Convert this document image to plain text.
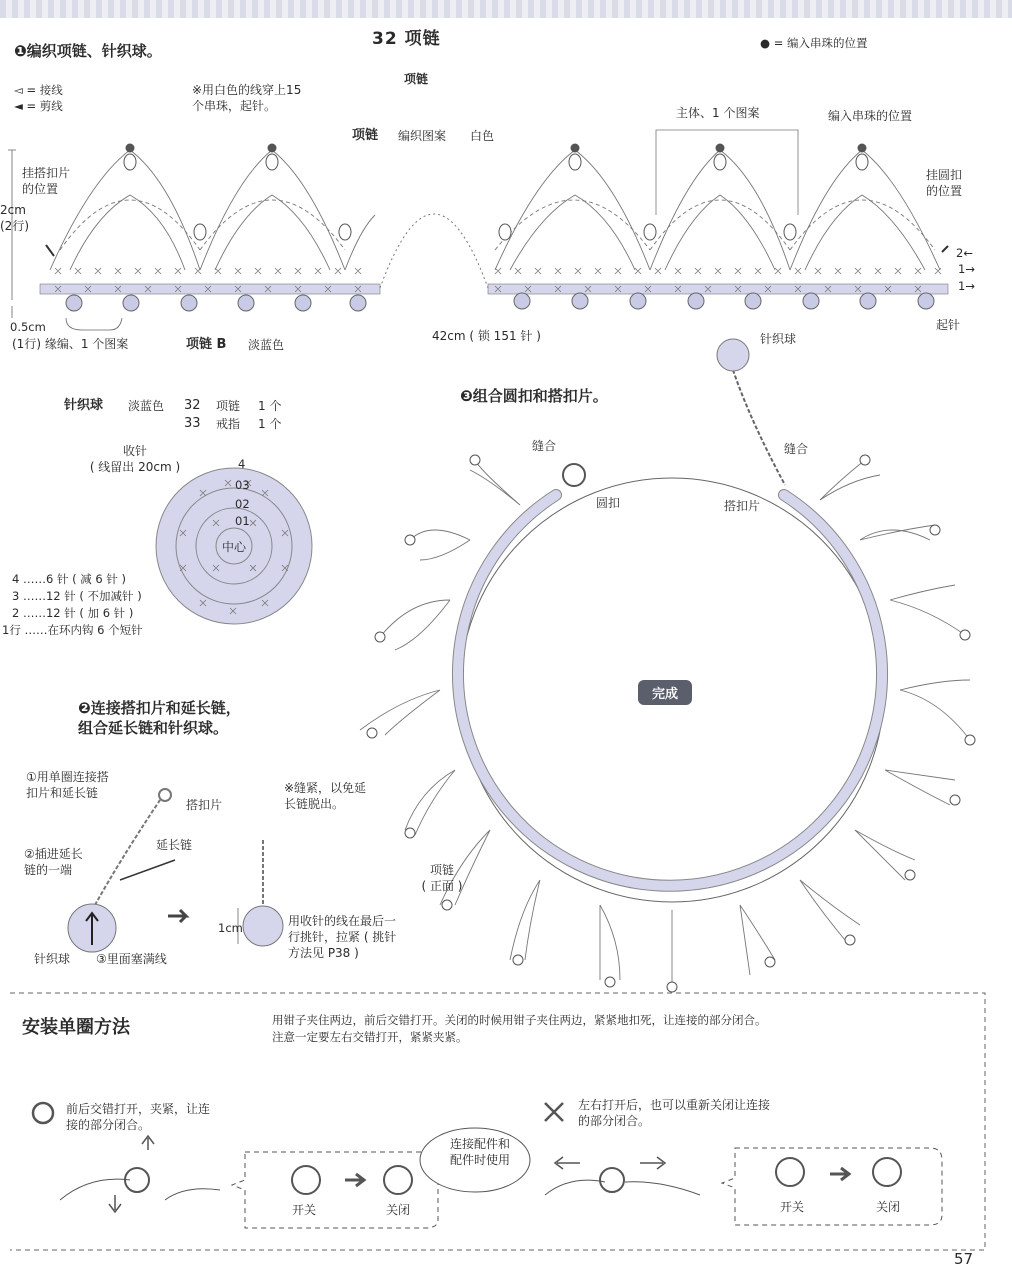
32 项链	● = 编入串珠的位置
❶编织项链、针织球。
◅ = 接线
◄ = 剪线
※用白色的线穿上15
个串珠，起针。
项链
项链 编织图案 白色
主体、1 个图案	编入串珠的位置
挂搭扣片
的位置
挂圆扣
的位置
2cm
(2行)
2←
1→
1→
0.5cm
(1行) 缘编、1 个图案	项链 B 淡蓝色
42cm ( 锁 151 针 )
起针
针织球 淡蓝色 32 项链 1 个
33 戒指 1 个
收针
( 线留出 20cm )
中心
4
03
02
01
4 ……6 针 ( 减 6 针 )
3 ……12 针 ( 不加减针 )
2 ……12 针 ( 加 6 针 )
1行 ……在环内钩 6 个短针
❸组合圆扣和搭扣片。
针织球
缝合	缝合
圆扣	搭扣片
完成
项链
( 正面 )
❷连接搭扣片和延长链，
组合延长链和针织球。
①用单圈连接搭
扣片和延长链
搭扣片
延长链
②插进延长
链的一端
针织球 ③里面塞满线
※缝紧，以免延
长链脱出。
1cm	用收针的线在最后一
行挑针，拉紧 ( 挑针
方法见 P38 )
安装单圈方法	用钳子夹住两边，前后交错打开。关闭的时候用钳子夹住两边，紧紧地扣死，让连接的部分闭合。
注意一定要左右交错打开，紧紧夹紧。
前后交错打开，夹紧，让连
接的部分闭合。
左右打开后，也可以重新关闭让连接
的部分闭合。
连接配件和
配件时使用
开关	关闭	开关	关闭
57
